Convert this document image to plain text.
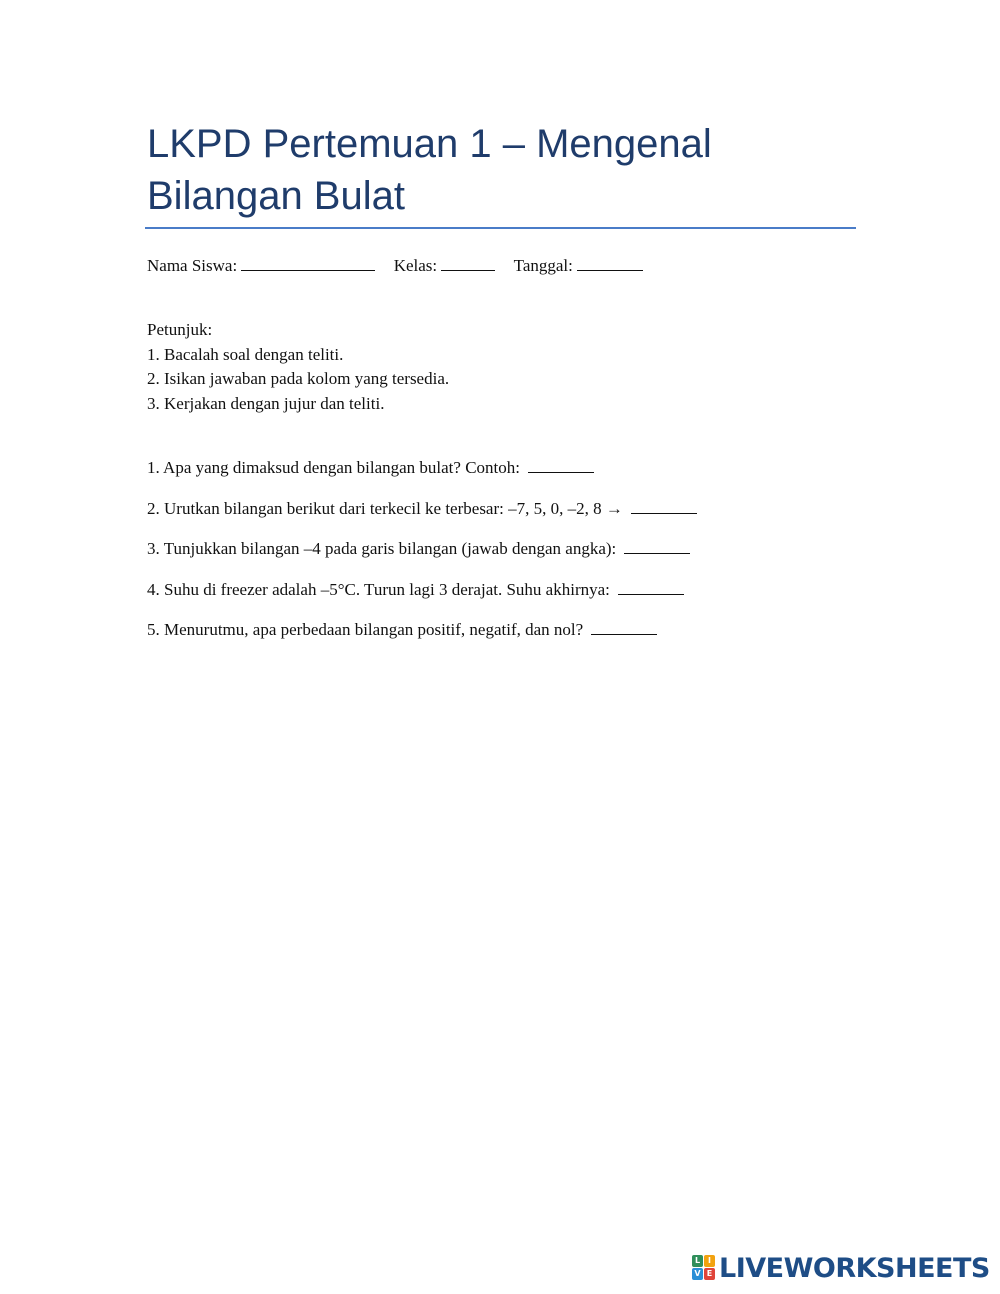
LKPD Pertemuan 1 – Mengenal Bilangan Bulat
Nama Siswa:	Kelas:	Tanggal:
Petunjuk:
1. Bacalah soal dengan teliti.
2. Isikan jawaban pada kolom yang tersedia.
3. Kerjakan dengan jujur dan teliti.
1. Apa yang dimaksud dengan bilangan bulat? Contoh:
2. Urutkan bilangan berikut dari terkecil ke terbesar: –7, 5, 0, –2, 8 →
3. Tunjukkan bilangan –4 pada garis bilangan (jawab dengan angka):
4. Suhu di freezer adalah –5°C. Turun lagi 3 derajat. Suhu akhirnya:
5. Menurutmu, apa perbedaan bilangan positif, negatif, dan nol?
L I
V E LIVEWORKSHEETS
